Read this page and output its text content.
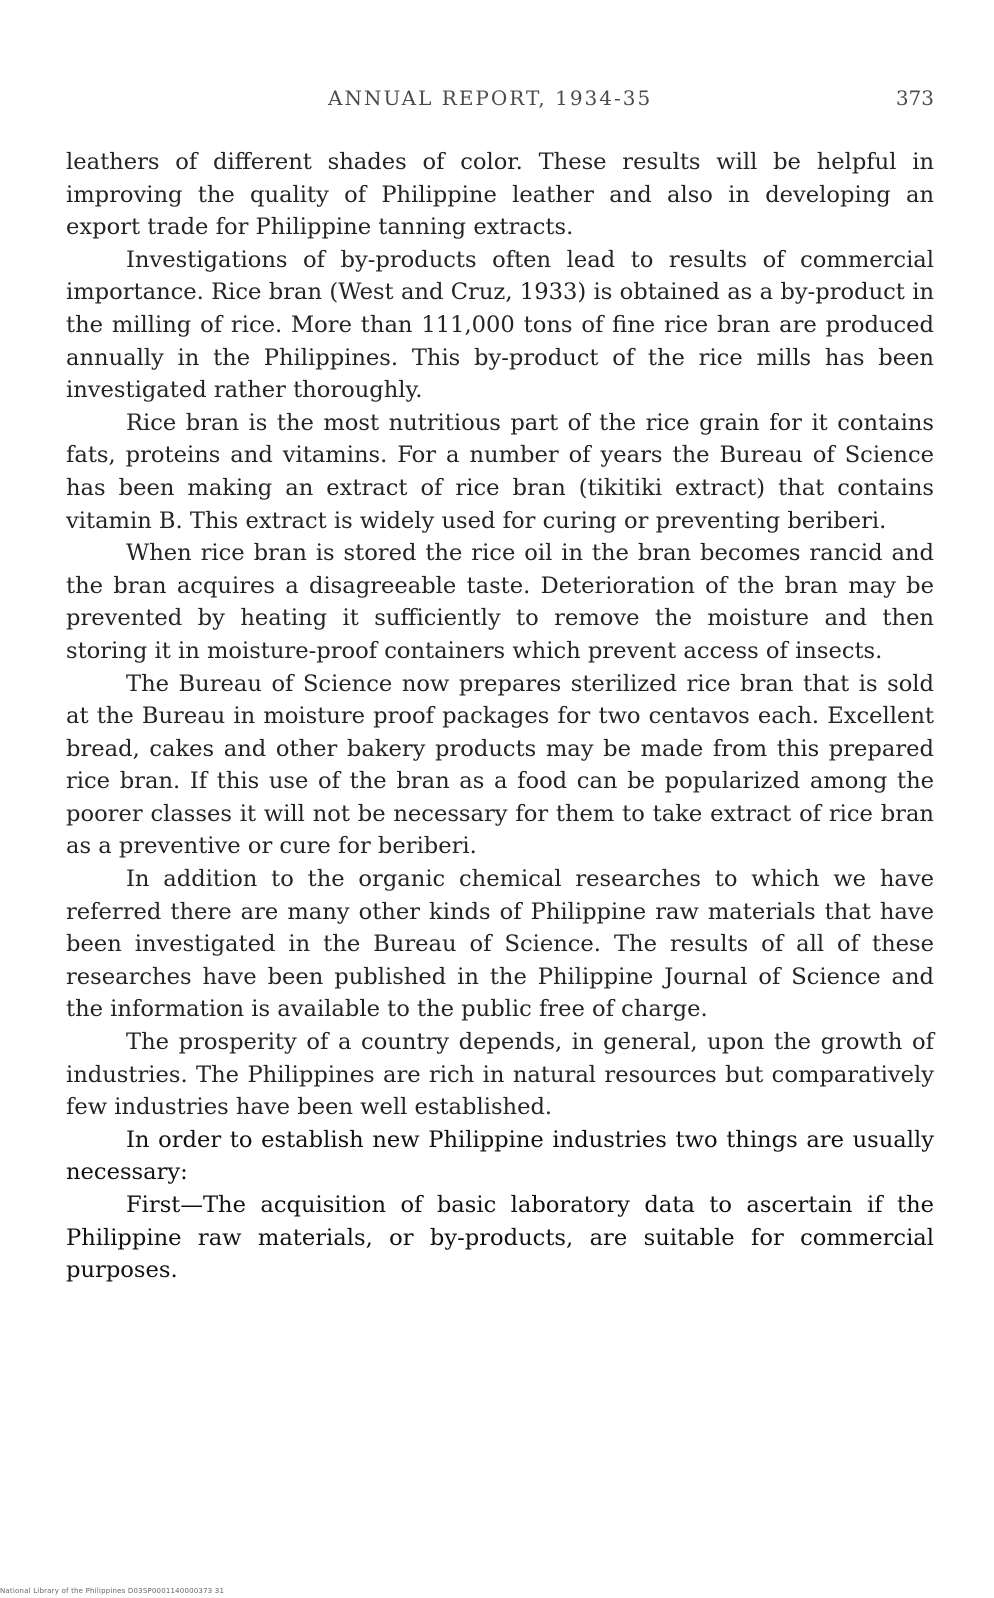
ANNUAL REPORT, 1934-35	373

leathers of different shades of color. These results will be helpful in improving the quality of Philippine leather and also in developing an export trade for Philippine tanning extracts.

Investigations of by-products often lead to results of commercial importance. Rice bran (West and Cruz, 1933) is obtained as a by-product in the milling of rice. More than 111,000 tons of fine rice bran are produced annually in the Philippines. This by-product of the rice mills has been investigated rather thoroughly.

Rice bran is the most nutritious part of the rice grain for it contains fats, proteins and vitamins. For a number of years the Bureau of Science has been making an extract of rice bran (tikitiki extract) that contains vitamin B. This extract is widely used for curing or preventing beriberi.

When rice bran is stored the rice oil in the bran becomes rancid and the bran acquires a disagreeable taste. Deterioration of the bran may be prevented by heating it sufficiently to remove the moisture and then storing it in moisture-proof containers which prevent access of insects.

The Bureau of Science now prepares sterilized rice bran that is sold at the Bureau in moisture proof packages for two centavos each. Excellent bread, cakes and other bakery products may be made from this prepared rice bran. If this use of the bran as a food can be popularized among the poorer classes it will not be necessary for them to take extract of rice bran as a preventive or cure for beriberi.

In addition to the organic chemical researches to which we have referred there are many other kinds of Philippine raw materials that have been investigated in the Bureau of Science. The results of all of these researches have been published in the Philippine Journal of Science and the information is available to the public free of charge.

The prosperity of a country depends, in general, upon the growth of industries. The Philippines are rich in natural resources but comparatively few industries have been well established.

In order to establish new Philippine industries two things are usually necessary:

First—The acquisition of basic laboratory data to ascertain if the Philippine raw materials, or by-products, are suitable for commercial purposes.

National Library of the Philippines D03SP0001140000373 31
